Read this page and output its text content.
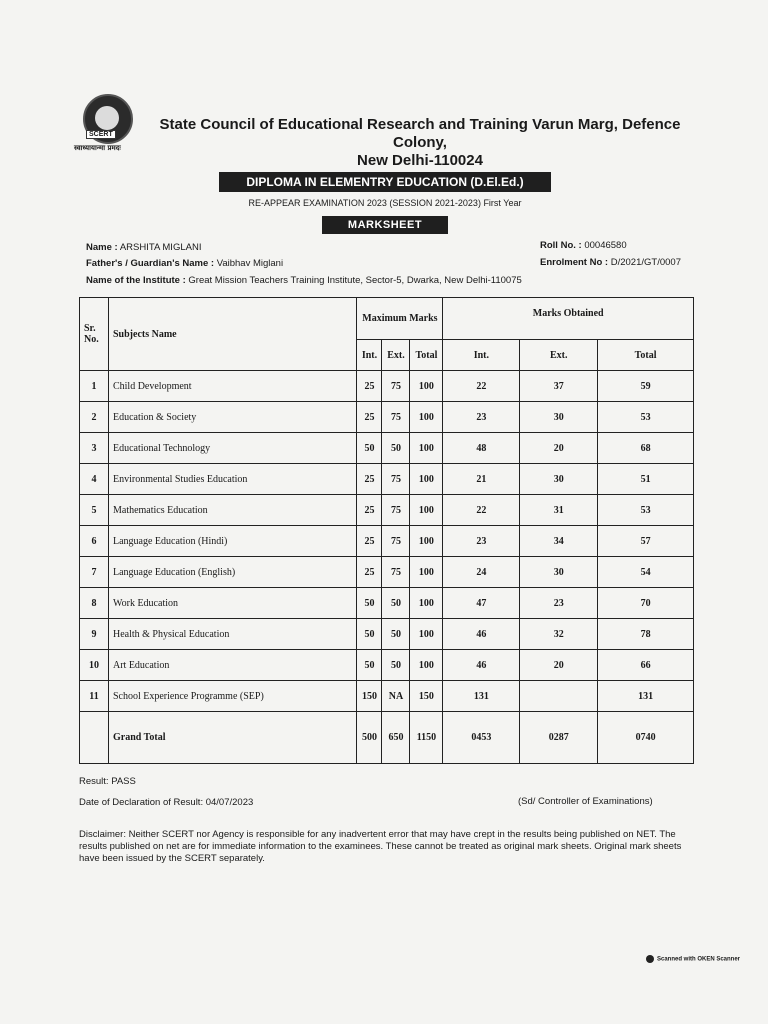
SCERT
स्वाध्यायान्मा प्रमदः
State Council of Educational Research and Training Varun Marg, Defence Colony,
New Delhi-110024
DIPLOMA IN ELEMENTRY EDUCATION (D.El.Ed.)
RE-APPEAR EXAMINATION 2023 (SESSION 2021-2023) First Year
MARKSHEET
Name : ARSHITA MIGLANI
Father's / Guardian's Name : Vaibhav Miglani
Name of the Institute : Great Mission Teachers Training Institute, Sector-5, Dwarka, New Delhi-110075
Roll No. : 00046580
Enrolment No : D/2021/GT/0007
Sr. No.	Subjects Name	Maximum Marks			Marks Obtained		
		Int.	Ext.	Total	Int.	Ext.	Total
1	Child Development	25	75	100	22	37	59
2	Education & Society	25	75	100	23	30	53
3	Educational Technology	50	50	100	48	20	68
4	Environmental Studies Education	25	75	100	21	30	51
5	Mathematics Education	25	75	100	22	31	53
6	Language Education (Hindi)	25	75	100	23	34	57
7	Language Education (English)	25	75	100	24	30	54
8	Work Education	50	50	100	47	23	70
9	Health & Physical Education	50	50	100	46	32	78
10	Art Education	50	50	100	46	20	66
11	School Experience Programme (SEP)	150	NA	150	131		131
	Grand Total	500	650	1150	0453	0287	0740
Result: PASS
Date of Declaration of Result: 04/07/2023	(Sd/ Controller of Examinations)
Disclaimer: Neither SCERT nor Agency is responsible for any inadvertent error that may have crept in the results being published on NET. The results published on net are for immediate information to the examinees. These cannot be treated as original mark sheets. Original mark sheets have been issued by the SCERT separately.
Scanned with OKEN Scanner
